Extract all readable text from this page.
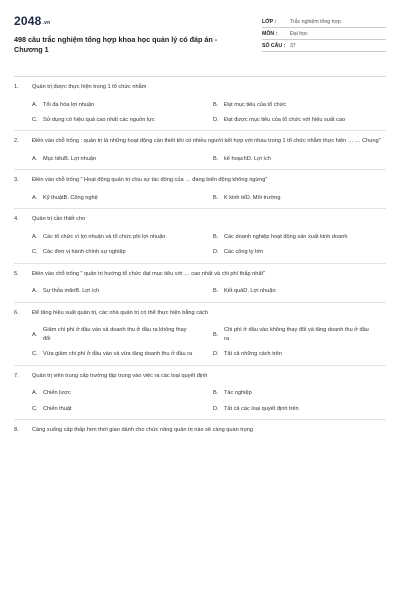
$2048^{.vn}$
498 câu trắc nghiệm tổng hợp khoa học quản lý có đáp án - Chương 1
LỚP :	Trắc nghiệm tổng hợp
MÔN :	Đại học
SỐ CÂU : 37
1.	Quản trị được thực hiện trong 1 tổ chức nhằm
A.	Tối đa hóa lợi nhuận	B.	Đạt mục tiêu của tổ chức
C. Sử dụng có hiệu quả cao nhất các nguồn lực	D. Đạt được mục tiêu của tổ chức với hiệu suất cao
2.	Điền vào chỗ trống : quản trị là những hoạt động cần thiết khi có nhiều người kết hợp với nhau trong 1 tổ chức nhằm thực hiện … … Chung"
A.	Mục tiêuB. Lợi nhuận	B.	kế hoạchD. Lợi ích
3.	Điền vào chỗ trống " Hoạt động quản trị chịu sự tác động của … đang biến động không ngừng"
A.	Kỹ thuậtB. Công nghệ	B.	K kinh tếD. Môi trường
4.	Quản trị cần thiết cho
A.	Các tổ chức vì lợi nhuận và tổ chức phi lợi nhuận	B.	Các doanh nghiệp hoạt động sản xuất kinh doanh
C. Các đơn vị hành chính sự nghiệp	D. Các công ty lớn
5.	Điền vào chỗ trống " quản trị hướng tổ chức đạt mục tiêu với … cao nhất và chi phí thấp nhất"
A.	Sự thỏa mãnB. Lợi ích	B.	Kết quảD. Lợi nhuận
6.	Để tăng hiệu suất quản trị, các nhà quản trị có thể thực hiện bằng cách
A.
Giảm chi phí ở đầu vào và doanh thu ở đầu ra không thay đổi
B.
Chi phí ở đầu vào không thay đổi và tăng doanh thu ở đầu ra
C. Vừa giảm chi phí ở đầu vào và vừa tăng doanh thu ở đầu ra	D. Tất cả những cách trên
7.	Quản trị viên trung cấp trường tập trung vào việc ra các loại quyết định
A.	Chiến lược	B.	Tác nghiệp
C. Chiến thuật	D. Tất cả các loại quyết định trên
8.	Càng xuống cấp thấp hơn thời gian dành cho chức năng quản trị nào sẽ càng quan trọng
